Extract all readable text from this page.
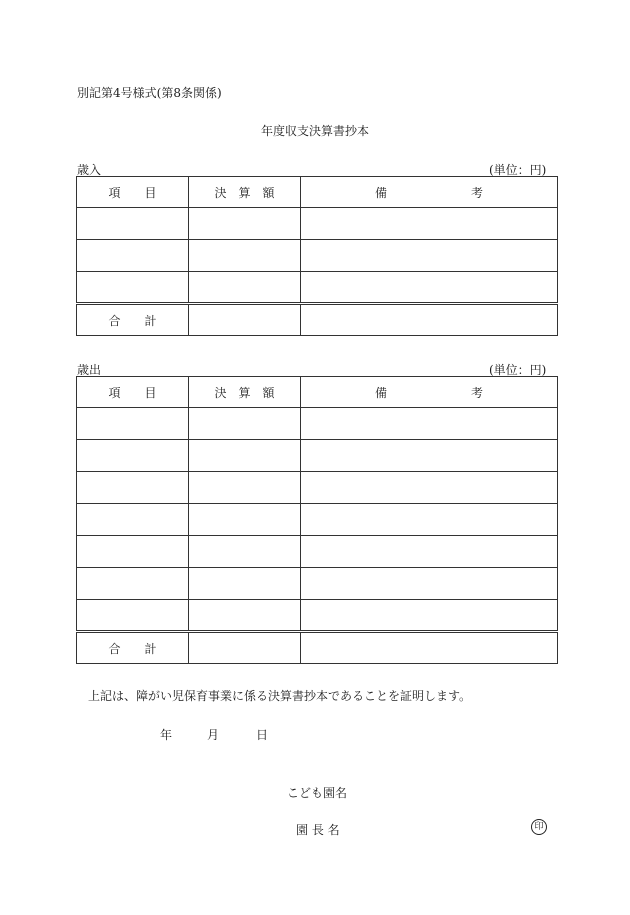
別記第4号様式(第8条関係)
年度収支決算書抄本
歳入	(単位：円)
項　　目	決　算　額	備　　　　　　　考

合　　計		
歳出	(単位：円)
項　　目	決　算　額	備　　　　　　　考

合　　計		
上記は、障がい児保育事業に係る決算書抄本であることを証明します。
年	月	日
こども園名
園 長 名	印
